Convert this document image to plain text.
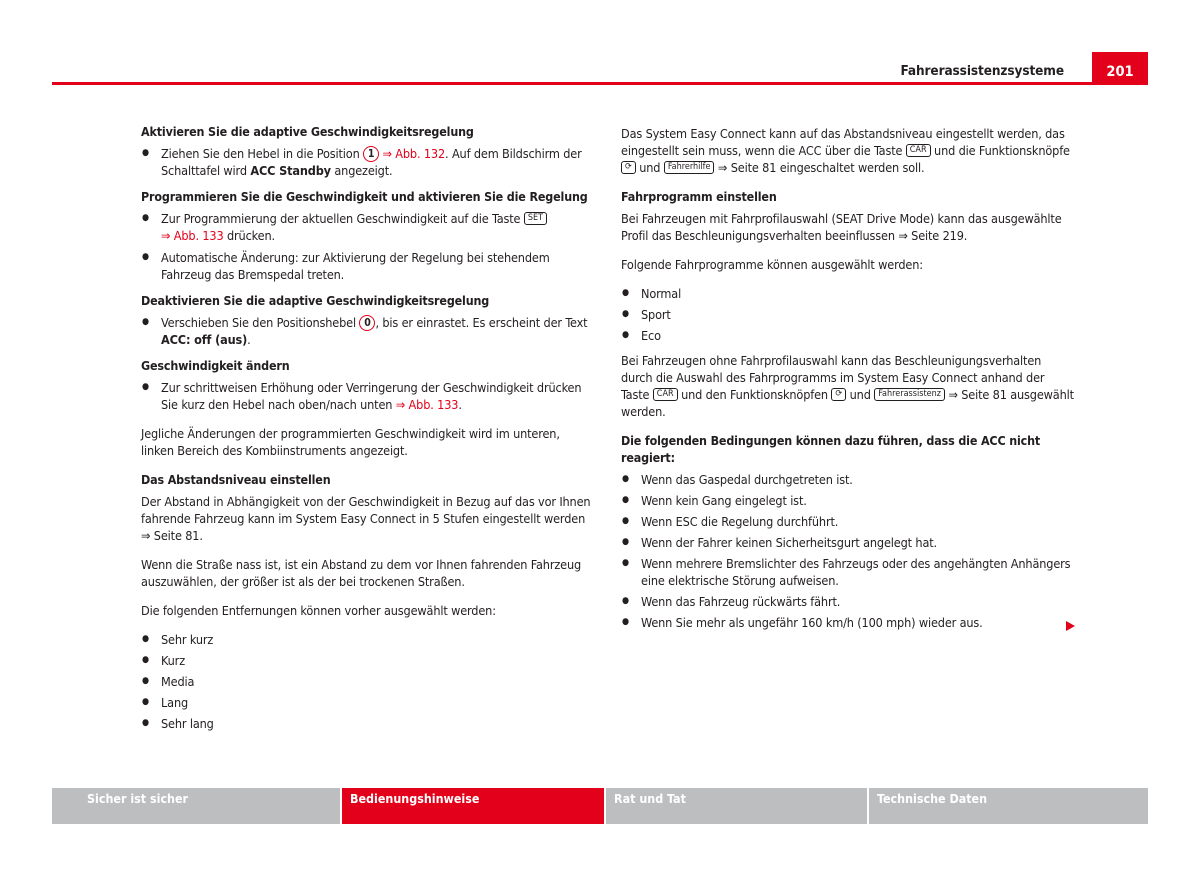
Fahrerassistenzsysteme	201
Aktivieren Sie die adaptive Geschwindigkeitsregelung
● Ziehen Sie den Hebel in die Position 1 ⇒ Abb. 132. Auf dem Bildschirm der Schalttafel wird ACC Standby angezeigt.
Programmieren Sie die Geschwindigkeit und aktivieren Sie die Regelung
● Zur Programmierung der aktuellen Geschwindigkeit auf die Taste SET
⇒ Abb. 133 drücken.
● Automatische Änderung: zur Aktivierung der Regelung bei stehendem Fahrzeug das Bremspedal treten.
Deaktivieren Sie die adaptive Geschwindigkeitsregelung
● Verschieben Sie den Positionshebel 0 , bis er einrastet. Es erscheint der Text ACC: off (aus).
Geschwindigkeit ändern
● Zur schrittweisen Erhöhung oder Verringerung der Geschwindigkeit drücken Sie kurz den Hebel nach oben/nach unten ⇒ Abb. 133.

Jegliche Änderungen der programmierten Geschwindigkeit wird im unteren, linken Bereich des Kombiinstruments angezeigt.

Das Abstandsniveau einstellen

Der Abstand in Abhängigkeit von der Geschwindigkeit in Bezug auf das vor Ihnen fahrende Fahrzeug kann im System Easy Connect in 5 Stufen eingestellt werden ⇒ Seite 81.

Wenn die Straße nass ist, ist ein Abstand zu dem vor Ihnen fahrenden Fahrzeug auszuwählen, der größer ist als der bei trockenen Straßen.

Die folgenden Entfernungen können vorher ausgewählt werden:

● Sehr kurz
● Kurz
● Media
● Lang
● Sehr lang

Das System Easy Connect kann auf das Abstandsniveau eingestellt werden, das eingestellt sein muss, wenn die ACC über die Taste CAR und die Funktionsknöpfe ⟳ und Fahrerhilfe ⇒ Seite 81 eingeschaltet werden soll.

Fahrprogramm einstellen

Bei Fahrzeugen mit Fahrprofilauswahl (SEAT Drive Mode) kann das ausgewählte Profil das Beschleunigungsverhalten beeinflussen ⇒ Seite 219.

Folgende Fahrprogramme können ausgewählt werden:

● Normal
● Sport
● Eco

Bei Fahrzeugen ohne Fahrprofilauswahl kann das Beschleunigungsverhalten durch die Auswahl des Fahrprogramms im System Easy Connect anhand der Taste CAR und den Funktionsknöpfen ⟳ und Fahrerassistenz ⇒ Seite 81 ausgewählt werden.

Die folgenden Bedingungen können dazu führen, dass die ACC nicht reagiert:
● Wenn das Gaspedal durchgetreten ist.
● Wenn kein Gang eingelegt ist.
● Wenn ESC die Regelung durchführt.
● Wenn der Fahrer keinen Sicherheitsgurt angelegt hat.
● Wenn mehrere Bremslichter des Fahrzeugs oder des angehängten Anhängers eine elektrische Störung aufweisen.
● Wenn das Fahrzeug rückwärts fährt.
● Wenn Sie mehr als ungefähr 160 km/h (100 mph) wieder aus.
Sicher ist sicher	Bedienungshinweise	Rat und Tat	Technische Daten
